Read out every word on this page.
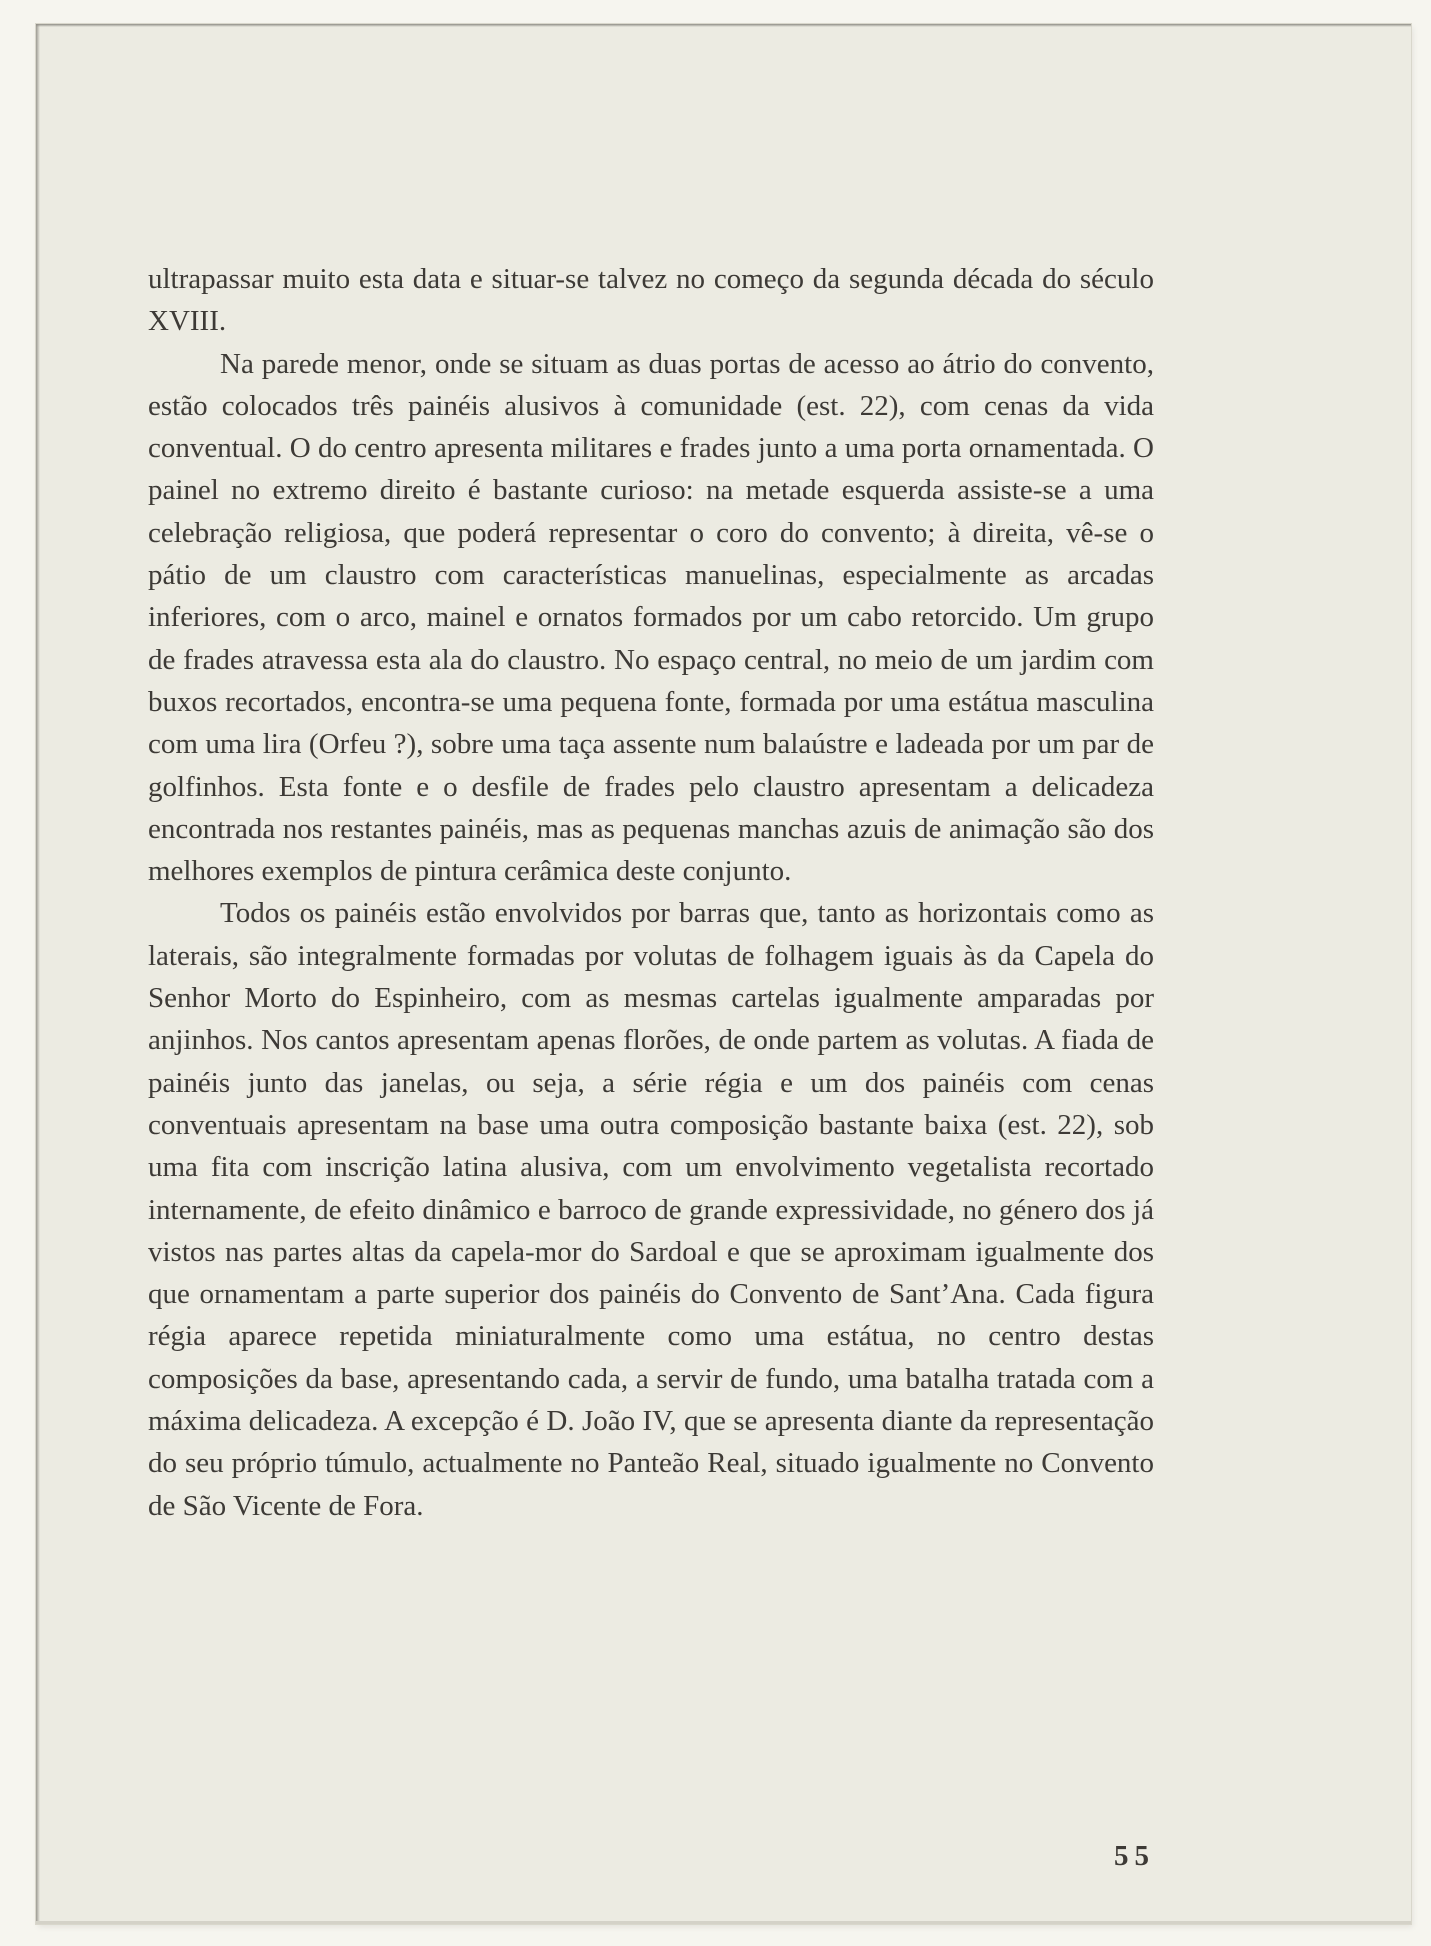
ultrapassar muito esta data e situar-se talvez no começo da segunda década do século XVIII.

Na parede menor, onde se situam as duas portas de acesso ao átrio do convento, estão colocados três painéis alusivos à comunidade (est. 22), com cenas da vida conventual. O do centro apresenta militares e frades junto a uma porta ornamentada. O painel no extremo direito é bastante curioso: na metade esquerda assiste-se a uma celebração religiosa, que poderá representar o coro do convento; à direita, vê-se o pátio de um claustro com características manuelinas, especialmente as arcadas inferiores, com o arco, mainel e ornatos formados por um cabo retorcido. Um grupo de frades atravessa esta ala do claustro. No espaço central, no meio de um jardim com buxos recortados, encontra-se uma pequena fonte, formada por uma estátua masculina com uma lira (Orfeu ?), sobre uma taça assente num balaústre e ladeada por um par de golfinhos. Esta fonte e o desfile de frades pelo claustro apresentam a delicadeza encontrada nos restantes painéis, mas as pequenas manchas azuis de animação são dos melhores exemplos de pintura cerâmica deste conjunto.

Todos os painéis estão envolvidos por barras que, tanto as horizontais como as laterais, são integralmente formadas por volutas de folhagem iguais às da Capela do Senhor Morto do Espinheiro, com as mesmas cartelas igualmente amparadas por anjinhos. Nos cantos apresentam apenas florões, de onde partem as volutas. A fiada de painéis junto das janelas, ou seja, a série régia e um dos painéis com cenas conventuais apresentam na base uma outra composição bastante baixa (est. 22), sob uma fita com inscrição latina alusiva, com um envolvimento vegetalista recortado internamente, de efeito dinâmico e barroco de grande expressividade, no género dos já vistos nas partes altas da capela-mor do Sardoal e que se aproximam igualmente dos que ornamentam a parte superior dos painéis do Convento de Sant’Ana. Cada figura régia aparece repetida miniaturalmente como uma estátua, no centro destas composições da base, apresentando cada, a servir de fundo, uma batalha tratada com a máxima delicadeza. A excepção é D. João IV, que se apresenta diante da representação do seu próprio túmulo, actualmente no Panteão Real, situado igualmente no Convento de São Vicente de Fora.

55
